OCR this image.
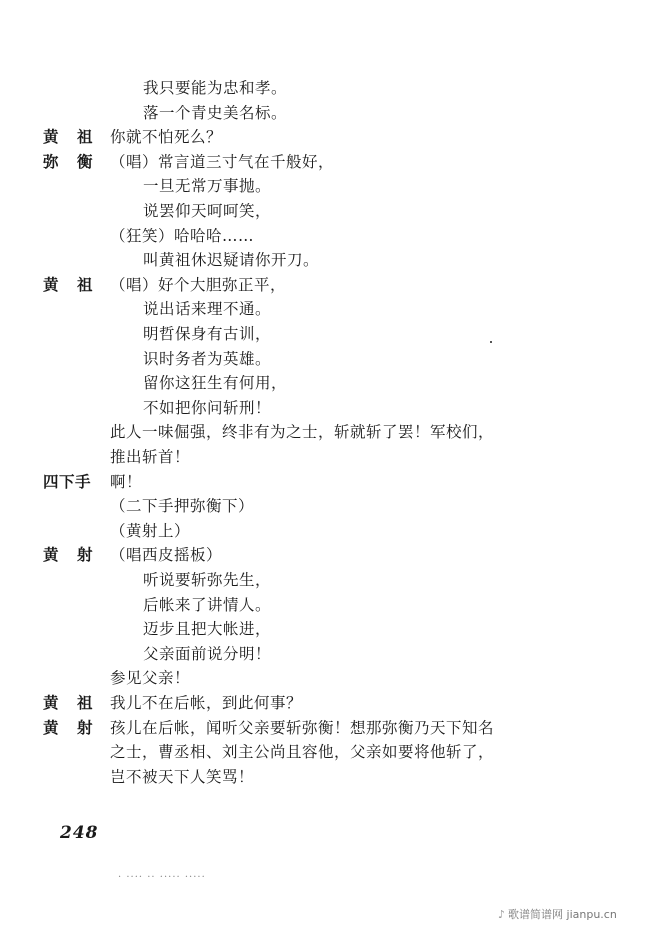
我只要能为忠和孝。
落一个青史美名标。
黄 祖 你就不怕死么？
弥 衡 （唱）常言道三寸气在千般好，
一旦无常万事抛。
说罢仰天呵呵笑，
（狂笑）哈哈哈……
叫黄祖休迟疑请你开刀。
黄 祖 （唱）好个大胆弥正平，
说出话来理不通。
明哲保身有古训，
识时务者为英雄。
留你这狂生有何用，
不如把你问斩刑！
此人一味倔强，终非有为之士，斩就斩了罢！军校们，
推出斩首！
四下手 啊！
（二下手押弥衡下）
（黄射上）
黄 射 （唱西皮摇板）
听说要斩弥先生，
后帐来了讲情人。
迈步且把大帐进，
父亲面前说分明！
参见父亲！
黄 祖 我儿不在后帐，到此何事？
黄 射 孩儿在后帐，闻听父亲要斩弥衡！想那弥衡乃天下知名
之士，曹丞相、刘主公尚且容他，父亲如要将他斩了，
岂不被天下人笑骂！
248
· ···· ·· ····· ·····
♪ 歌谱简谱网 jianpu.cn
